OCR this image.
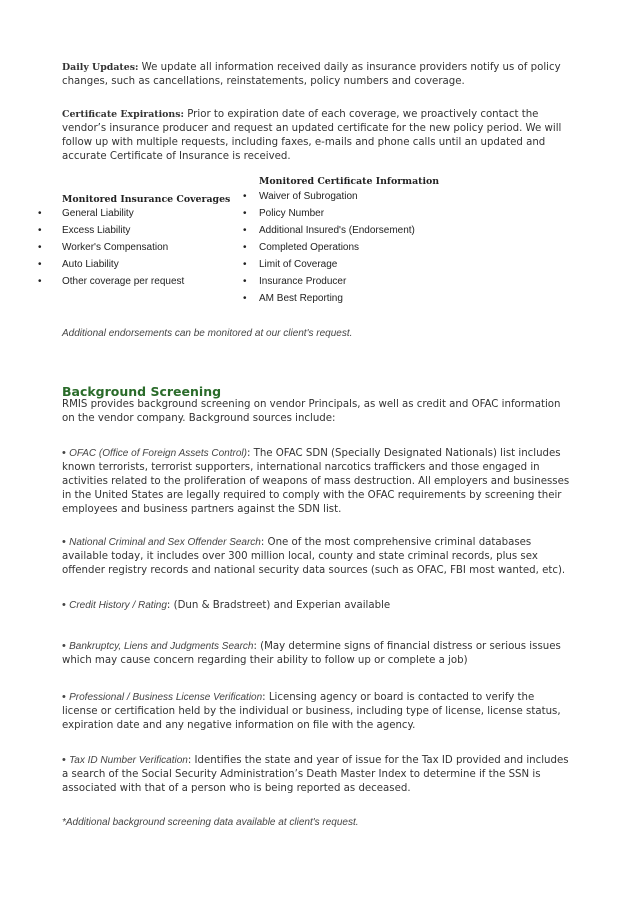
Daily Updates: We update all information received daily as insurance providers notify us of policy changes, such as cancellations, reinstatements, policy numbers and coverage.
Certificate Expirations: Prior to expiration date of each coverage, we proactively contact the vendor’s insurance producer and request an updated certificate for the new policy period. We will follow up with multiple requests, including faxes, e-mails and phone calls until an updated and accurate Certificate of Insurance is received.
Monitored Insurance Coverages
Monitored Certificate Information
• General Liability
• Excess Liability
• Worker's Compensation
• Auto Liability
• Other coverage per request
• Waiver of Subrogation
• Policy Number
• Additional Insured's (Endorsement)
• Completed Operations
• Limit of Coverage
• Insurance Producer
• AM Best Reporting
Additional endorsements can be monitored at our client's request.
Background Screening
RMIS provides background screening on vendor Principals, as well as credit and OFAC information on the vendor company. Background sources include:
• OFAC (Office of Foreign Assets Control): The OFAC SDN (Specially Designated Nationals) list includes known terrorists, terrorist supporters, international narcotics traffickers and those engaged in activities related to the proliferation of weapons of mass destruction. All employers and businesses in the United States are legally required to comply with the OFAC requirements by screening their employees and business partners against the SDN list.
• National Criminal and Sex Offender Search: One of the most comprehensive criminal databases available today, it includes over 300 million local, county and state criminal records, plus sex offender registry records and national security data sources (such as OFAC, FBI most wanted, etc).
• Credit History / Rating: (Dun & Bradstreet) and Experian available
• Bankruptcy, Liens and Judgments Search: (May determine signs of financial distress or serious issues which may cause concern regarding their ability to follow up or complete a job)
• Professional / Business License Verification: Licensing agency or board is contacted to verify the license or certification held by the individual or business, including type of license, license status, expiration date and any negative information on file with the agency.
• Tax ID Number Verification: Identifies the state and year of issue for the Tax ID provided and includes a search of the Social Security Administration’s Death Master Index to determine if the SSN is associated with that of a person who is being reported as deceased.
*Additional background screening data available at client's request.
